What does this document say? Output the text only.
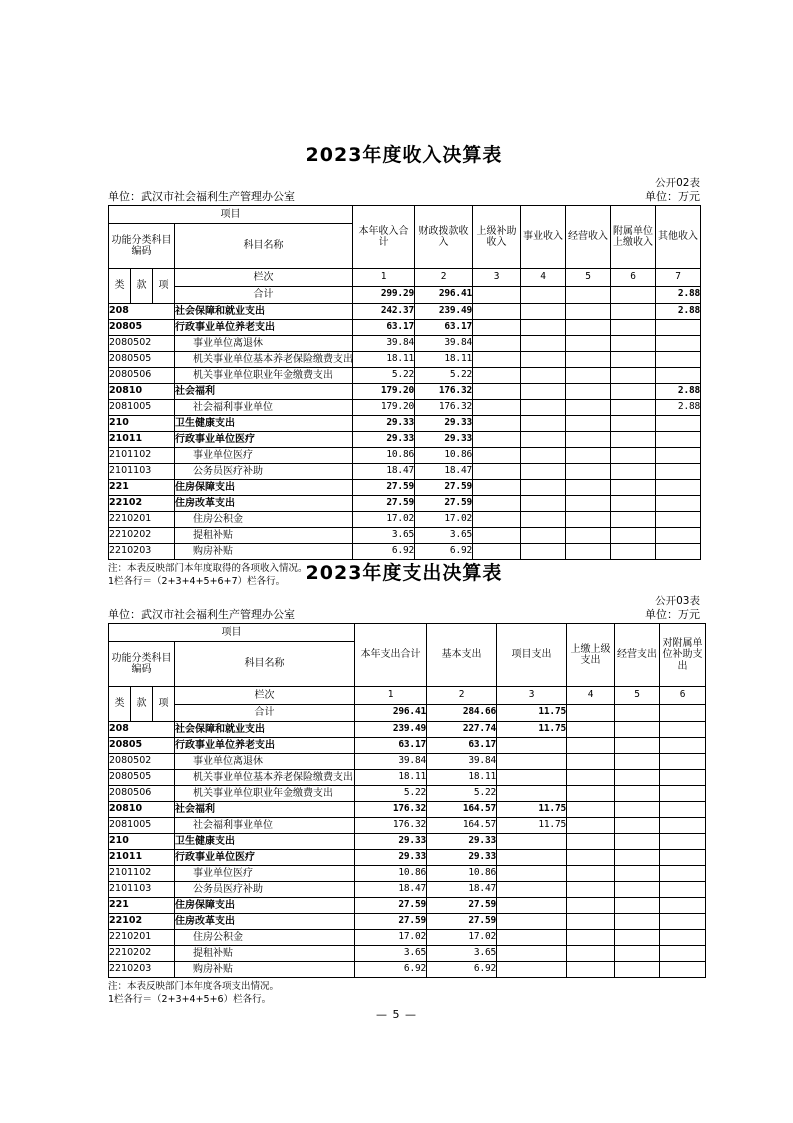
2023年度收入决算表
公开02表
单位：武汉市社会福利生产管理办公室	单位：万元
项目				本年收入合计	财政拨款收入	上级补助收入	事业收入	经营收入	附属单位上缴收入	其他收入
功能分类科目编码			科目名称							
类	款	项	栏次	1	2	3	4	5	6	7
			合计	299.29	296.41					2.88
208			社会保障和就业支出	242.37	239.49					2.88
20805			行政事业单位养老支出	63.17	63.17					
2080502			事业单位离退休	39.84	39.84					
2080505			机关事业单位基本养老保险缴费支出	18.11	18.11					
2080506			机关事业单位职业年金缴费支出	5.22	5.22					
20810			社会福利	179.20	176.32					2.88
2081005			社会福利事业单位	179.20	176.32					2.88
210			卫生健康支出	29.33	29.33					
21011			行政事业单位医疗	29.33	29.33					
2101102			事业单位医疗	10.86	10.86					
2101103			公务员医疗补助	18.47	18.47					
221			住房保障支出	27.59	27.59					
22102			住房改革支出	27.59	27.59					
2210201			住房公积金	17.02	17.02					
2210202			提租补贴	3.65	3.65					
2210203			购房补贴	6.92	6.92					
注：本表反映部门本年度取得的各项收入情况。
1栏各行＝（2+3+4+5+6+7）栏各行。	2023年度支出决算表
公开03表
单位：武汉市社会福利生产管理办公室	单位：万元
项目				本年支出合计	基本支出	项目支出	上缴上级支出	经营支出	对附属单位补助支出
功能分类科目编码			科目名称						
类	款	项	栏次	1	2	3	4	5	6
			合计	296.41	284.66	11.75			
208			社会保障和就业支出	239.49	227.74	11.75			
20805			行政事业单位养老支出	63.17	63.17				
2080502			事业单位离退休	39.84	39.84				
2080505			机关事业单位基本养老保险缴费支出	18.11	18.11				
2080506			机关事业单位职业年金缴费支出	5.22	5.22				
20810			社会福利	176.32	164.57	11.75			
2081005			社会福利事业单位	176.32	164.57	11.75			
210			卫生健康支出	29.33	29.33				
21011			行政事业单位医疗	29.33	29.33				
2101102			事业单位医疗	10.86	10.86				
2101103			公务员医疗补助	18.47	18.47				
221			住房保障支出	27.59	27.59				
22102			住房改革支出	27.59	27.59				
2210201			住房公积金	17.02	17.02				
2210202			提租补贴	3.65	3.65				
2210203			购房补贴	6.92	6.92				
注：本表反映部门本年度各项支出情况。
1栏各行＝（2+3+4+5+6）栏各行。
— 5 —
